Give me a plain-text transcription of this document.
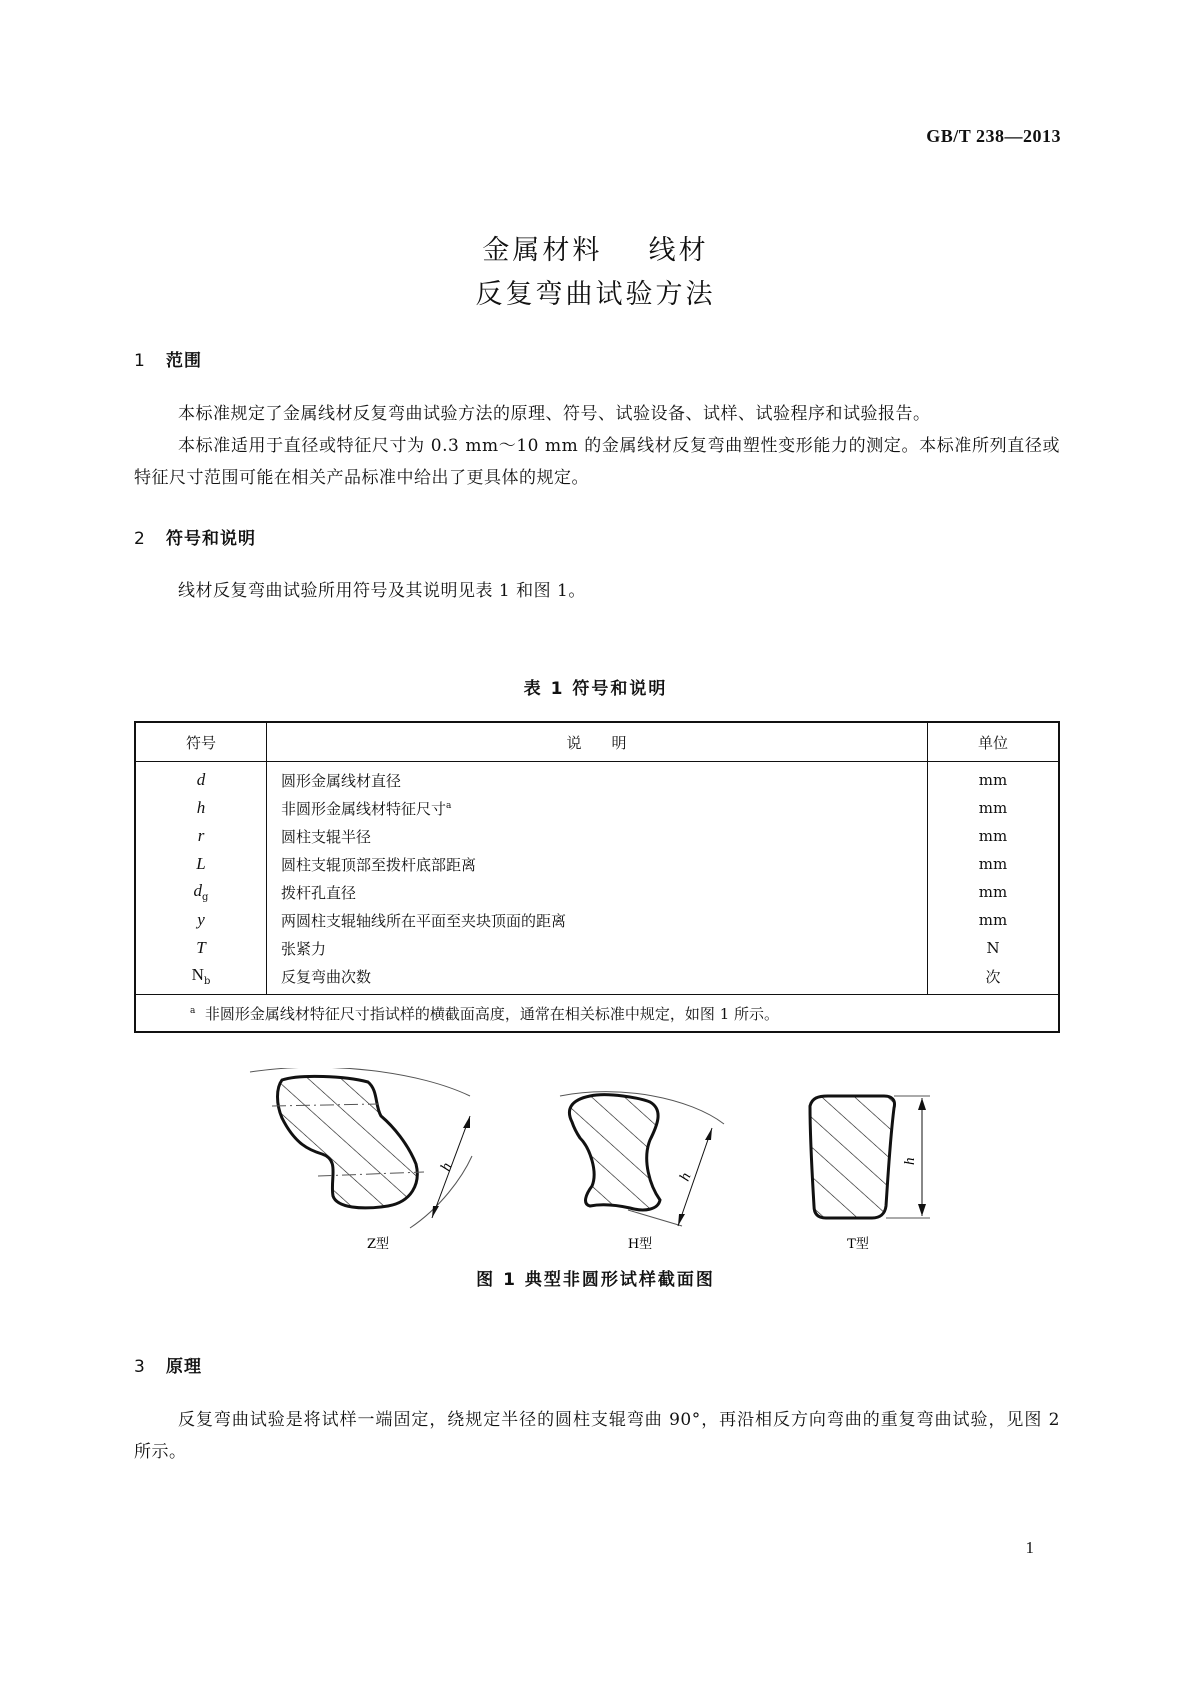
GB/T 238—2013
金属材料    线材
反复弯曲试验方法
1 范围
本标准规定了金属线材反复弯曲试验方法的原理、符号、试验设备、试样、试验程序和试验报告。
本标准适用于直径或特征尺寸为 0.3 mm～10 mm 的金属线材反复弯曲塑性变形能力的测定。本标准所列直径或特征尺寸范围可能在相关产品标准中给出了更具体的规定。
2 符号和说明
线材反复弯曲试验所用符号及其说明见表 1 和图 1。
表 1 符号和说明
符号	说　　明	单位
d	圆形金属线材直径	mm
h	非圆形金属线材特征尺寸$^a$	mm
r	圆柱支辊半径	mm
L	圆柱支辊顶部至拨杆底部距离	mm
$d_g$	拨杆孔直径	mm
y	两圆柱支辊轴线所在平面至夹块顶面的距离	mm
T	张紧力	N
$N_b$	反复弯曲次数	次
$^a$ 非圆形金属线材特征尺寸指试样的横截面高度，通常在相关标准中规定，如图 1 所示。		
h
h
h
Z型	H型	T型
图 1 典型非圆形试样截面图
3 原理
反复弯曲试验是将试样一端固定，绕规定半径的圆柱支辊弯曲 90°，再沿相反方向弯曲的重复弯曲试验，见图 2 所示。
1
